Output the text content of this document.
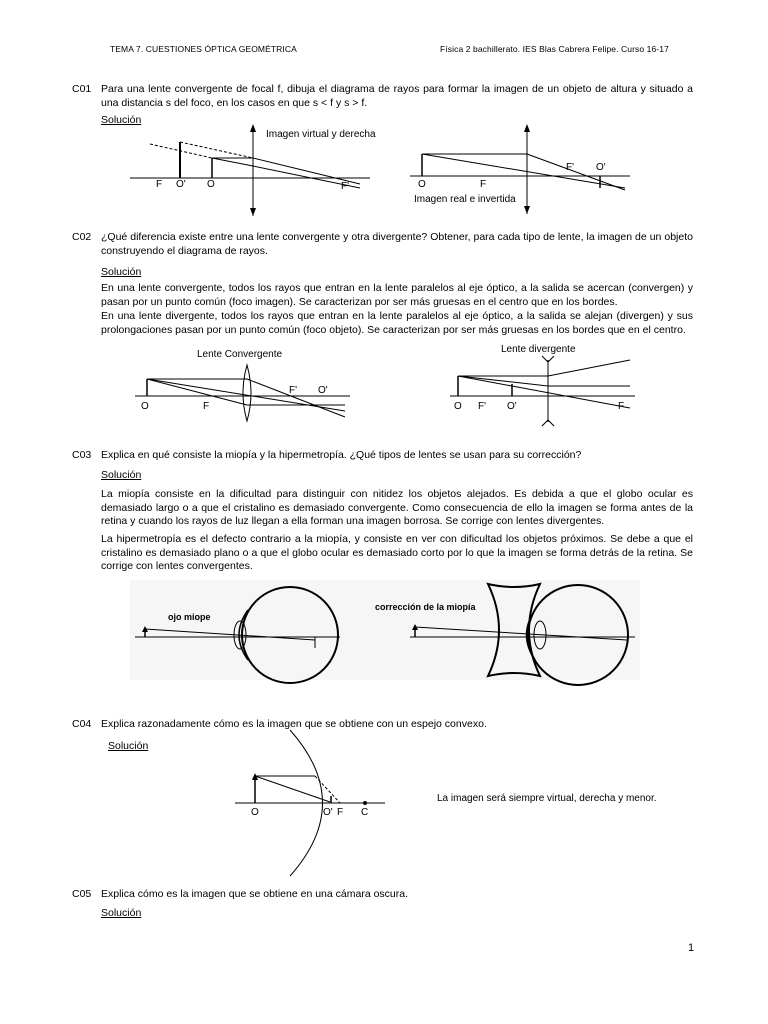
TEMA 7. CUESTIONES ÓPTICA GEOMÉTRICA	Física 2 bachillerato. IES Blas Cabrera Felipe. Curso 16-17
C01 Para una lente convergente de focal f, dibuja el diagrama de rayos para formar la imagen de un objeto de altura y situado a una distancia s del foco, en los casos en que s < f y s > f.
Solución
Imagen virtual y derecha
F O' O	F'	O	F
F' O'
Imagen real e invertida
C02 ¿Qué diferencia existe entre una lente convergente y otra divergente? Obtener, para cada tipo de lente, la imagen de un objeto construyendo el diagrama de rayos.
Solución
En una lente convergente, todos los rayos que entran en la lente paralelos al eje óptico, a la salida se acercan (convergen) y pasan por un punto común (foco imagen). Se caracterizan por ser más gruesas en el centro que en los bordes.
En una lente divergente, todos los rayos que entran en la lente paralelos al eje óptico, a la salida se alejan (divergen) y sus prolongaciones pasan por un punto común (foco objeto). Se caracterizan por ser más gruesas en los bordes que en el centro.
Lente Convergente
O	F
F' O'
Lente divergente
O F' O'	F
C03 Explica en qué consiste la miopía y la hipermetropía. ¿Qué tipos de lentes se usan para su corrección?
Solución
La miopía consiste en la dificultad para distinguir con nitidez los objetos alejados. Es debida a que el globo ocular es demasiado largo o a que el cristalino es demasiado convergente. Como consecuencia de ello la imagen se forma antes de la retina y cuando los rayos de luz llegan a ella forman una imagen borrosa. Se corrige con lentes divergentes.
La hipermetropía es el defecto contrario a la miopía, y consiste en ver con dificultad los objetos próximos. Se debe a que el cristalino es demasiado plano o a que el globo ocular es demasiado corto por lo que la imagen se forma detrás de la retina. Se corrige con lentes convergentes.
ojo miope
corrección de la miopía
C04 Explica razonadamente cómo es la imagen que se obtiene con un espejo convexo.
Solución
O	O' F C
La imagen será siempre virtual, derecha y menor.
C05 Explica cómo es la imagen que se obtiene en una cámara oscura.
Solución
1
